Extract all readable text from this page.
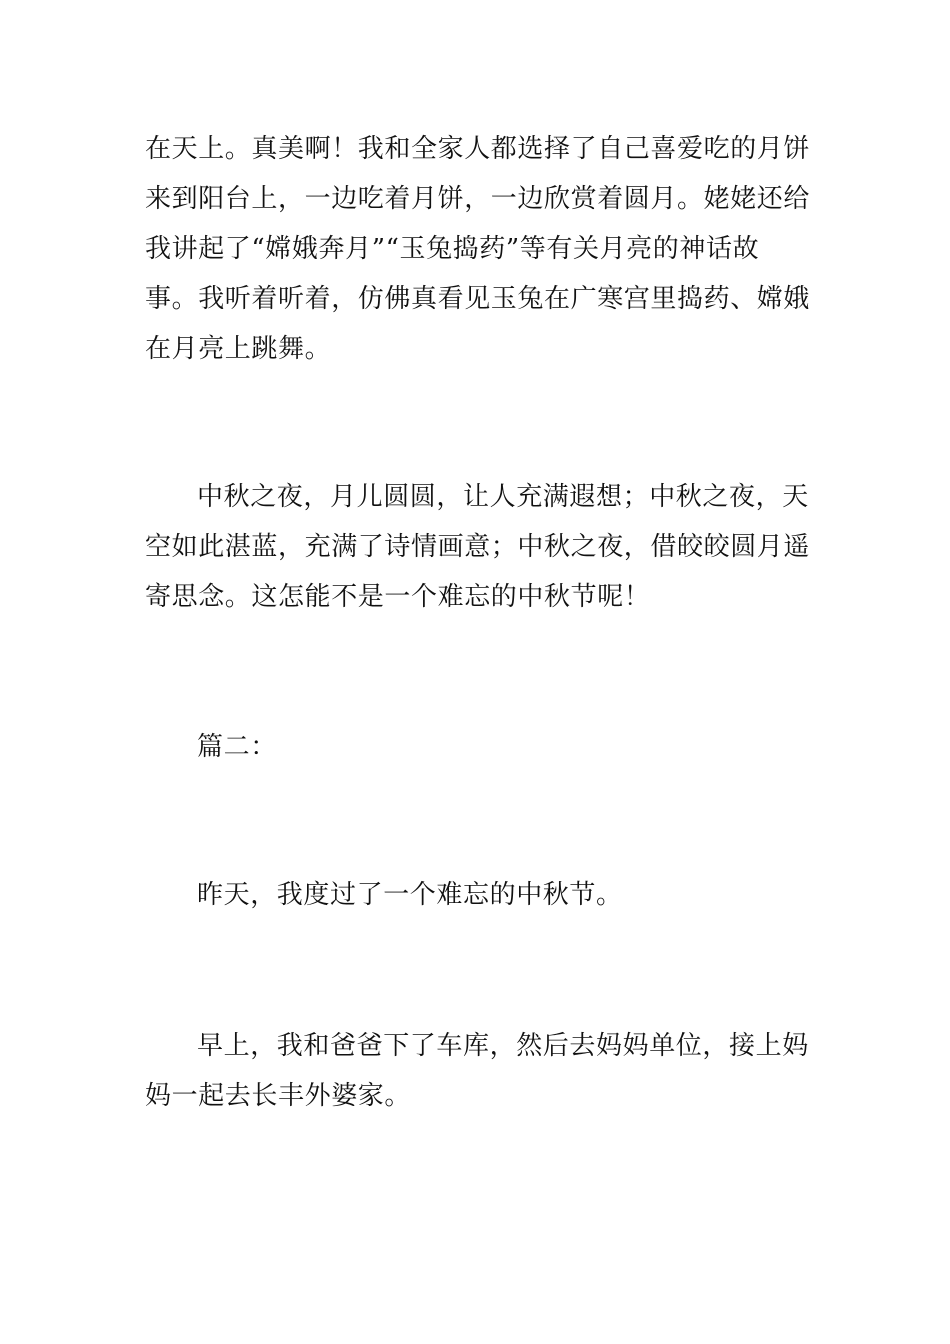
在天上。真美啊！我和全家人都选择了自己喜爱吃的月饼
来到阳台上，一边吃着月饼，一边欣赏着圆月。姥姥还给
我讲起了“嫦娥奔月”“玉兔捣药”等有关月亮的神话故
事。我听着听着，仿佛真看见玉兔在广寒宫里捣药、嫦娥
在月亮上跳舞。
中秋之夜，月儿圆圆，让人充满遐想；中秋之夜，天
空如此湛蓝，充满了诗情画意；中秋之夜，借皎皎圆月遥
寄思念。这怎能不是一个难忘的中秋节呢！
篇二：
昨天，我度过了一个难忘的中秋节。
早上，我和爸爸下了车库，然后去妈妈单位，接上妈
妈一起去长丰外婆家。
